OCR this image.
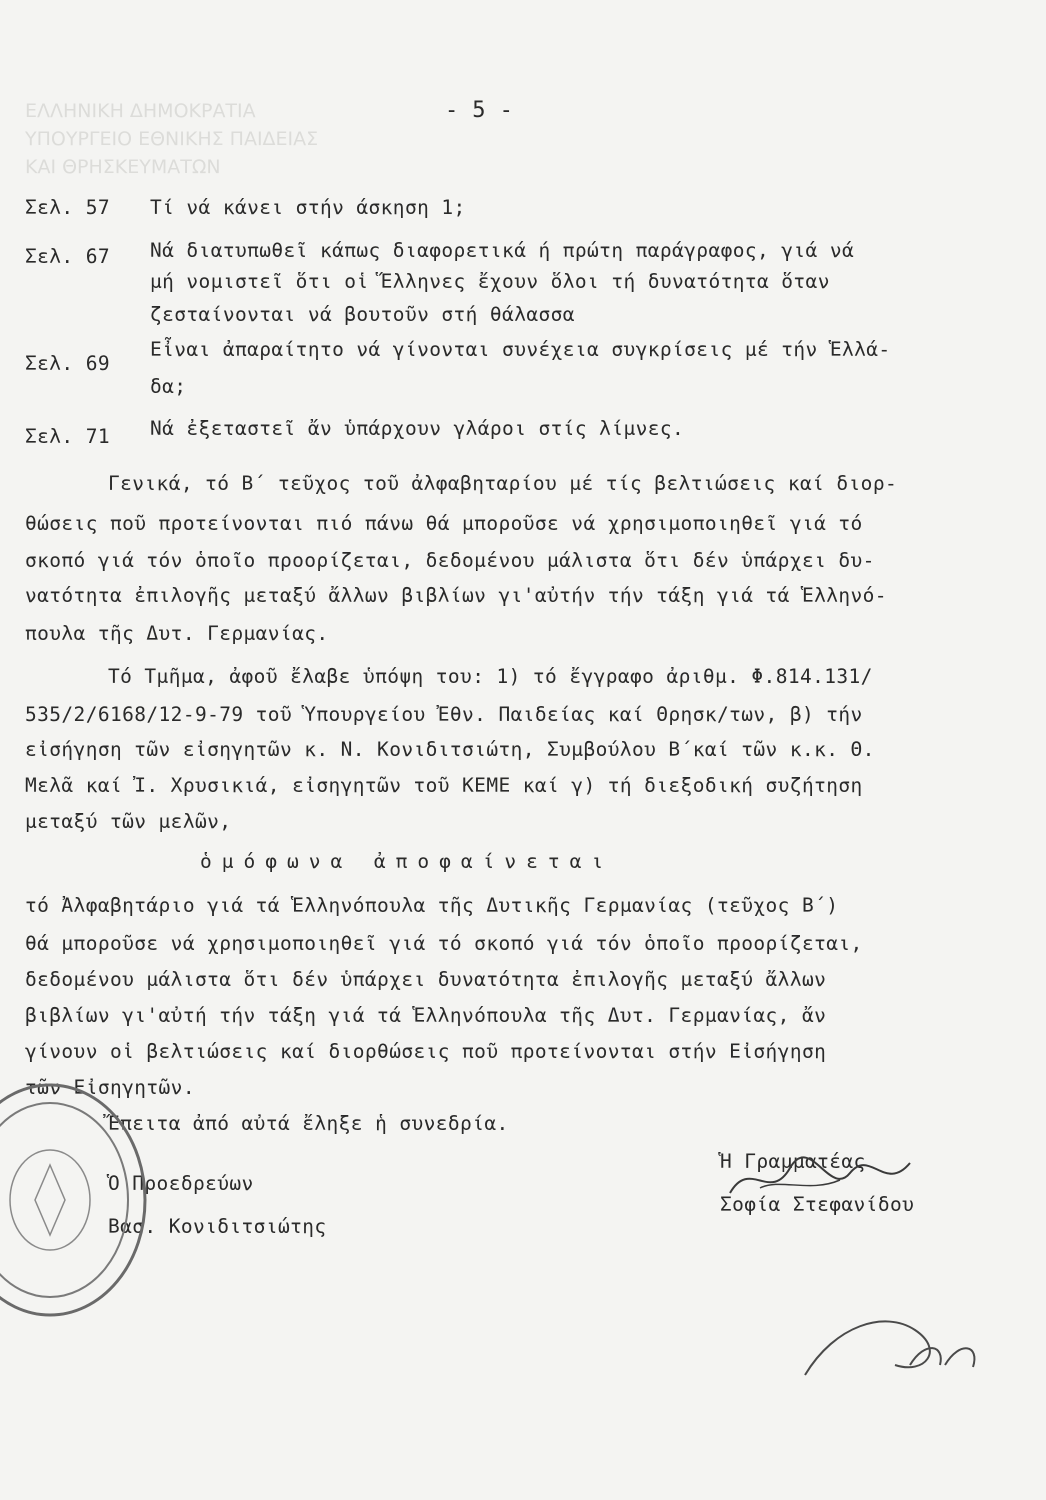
ΕΛΛΗΝΙΚΗ ΔΗΜΟΚΡΑΤΙΑ
ΥΠΟΥΡΓΕΙΟ ΕΘΝΙΚΗΣ ΠΑΙΔΕΙΑΣ
ΚΑΙ ΘΡΗΣΚΕΥΜΑΤΩΝ
- 5 -
Σελ. 57 Τί νά κάνει στήν άσκηση 1;
Σελ. 67 Νά διατυπωθεῖ κάπως διαφορετικά ή πρώτη παράγραφος, γιά νά
μή νομιστεῖ ὅτι οἱ Ἕλληνες ἔχουν ὅλοι τή δυνατότητα ὅταν
ζεσταίνονται νά βουτοῦν στή θάλασσα
Σελ. 69
Εἶναι ἀπαραίτητο νά γίνονται συνέχεια συγκρίσεις μέ τήν Ἑλλά-
δα;
Σελ. 71 Νά ἐξεταστεῖ ἄν ὑπάρχουν γλάροι στίς λίμνες.
Γενικά, τό Β΄ τεῦχος τοῦ ἀλφαβηταρίου μέ τίς βελτιώσεις καί διορ-
θώσεις ποῦ προτείνονται πιό πάνω θά μποροῦσε νά χρησιμοποιηθεῖ γιά τό
σκοπό γιά τόν ὁποῖο προορίζεται, δεδομένου μάλιστα ὅτι δέν ὑπάρχει δυ-
νατότητα ἐπιλογῆς μεταξύ ἄλλων βιβλίων γι'αὐτήν τήν τάξη γιά τά Ἑλληνό-
πουλα τῆς Δυτ. Γερμανίας.
Τό Τμῆμα, ἀφοῦ ἔλαβε ὑπόψη του: 1) τό ἔγγραφο ἀριθμ. Φ.814.131/
535/2/6168/12-9-79 τοῦ Ὑπουργείου Ἐθν. Παιδείας καί Θρησκ/των, β) τήν
εἰσήγηση τῶν εἰσηγητῶν κ. Ν. Κονιδιτσιώτη, Συμβούλου Β΄καί τῶν κ.κ. Θ.
Μελᾶ καί Ἰ. Χρυσικιά, εἰσηγητῶν τοῦ ΚΕΜΕ καί γ) τή διεξοδική συζήτηση
μεταξύ τῶν μελῶν,
ὁμόφωνα ἀποφαίνεται
τό Ἀλφαβητάριο γιά τά Ἑλληνόπουλα τῆς Δυτικῆς Γερμανίας (τεῦχος Β΄)
θά μποροῦσε νά χρησιμοποιηθεῖ γιά τό σκοπό γιά τόν ὁποῖο προορίζεται,
δεδομένου μάλιστα ὅτι δέν ὑπάρχει δυνατότητα ἐπιλογῆς μεταξύ ἄλλων
βιβλίων γι'αὐτή τήν τάξη γιά τά Ἑλληνόπουλα τῆς Δυτ. Γερμανίας, ἄν
γίνουν οἱ βελτιώσεις καί διορθώσεις ποῦ προτείνονται στήν Εἰσήγηση
τῶν Εἰσηγητῶν.
Ἔπειτα ἀπό αὐτά ἔληξε ἡ συνεδρία.
Ὁ Προεδρεύων
Βασ. Κονιδιτσιώτης
Ἡ Γραμματέας
Σοφία Στεφανίδου
